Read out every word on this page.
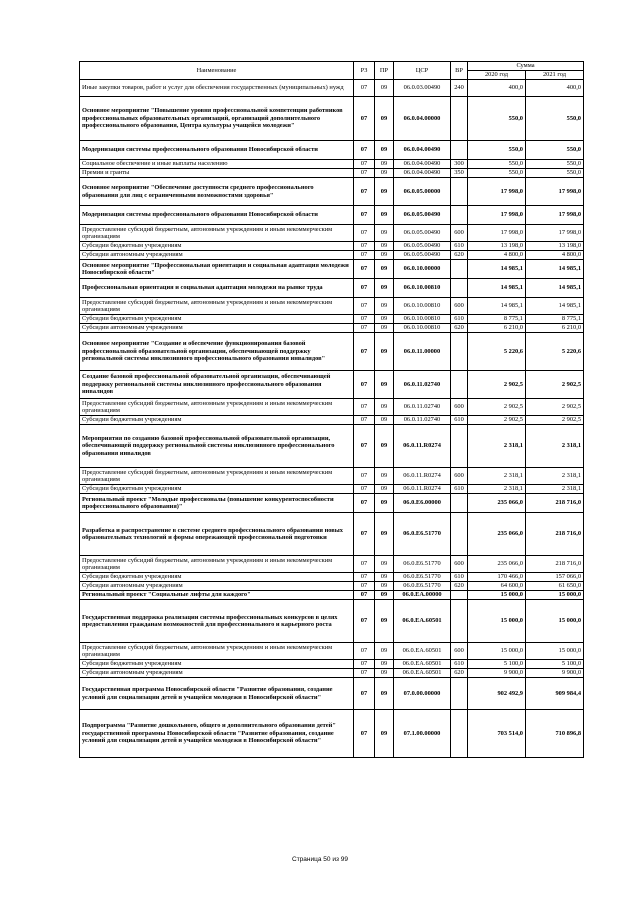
Наименование	РЗ	ПР	ЦСР	ВР	Сумма	
					2020 год	2021 год
Иные закупки товаров, работ и услуг для обеспечения государственных (муниципальных) нужд	07	09	06.0.03.00490	240	400,0	400,0
Основное мероприятие "Повышение уровня профессиональной компетенции работников профессиональных образовательных организаций, организаций дополнительного профессионального образования, Центра культуры учащейся молодежи"	07	09	06.0.04.00000		550,0	550,0
Модернизация системы профессионального образования Новосибирской области	07	09	06.0.04.00490		550,0	550,0
Социальное обеспечение и иные выплаты населению	07	09	06.0.04.00490	300	550,0	550,0
Премии и гранты	07	09	06.0.04.00490	350	550,0	550,0
Основное мероприятие "Обеспечение доступности среднего профессионального образования для лиц с ограниченными возможностями здоровья"	07	09	06.0.05.00000		17 998,0	17 998,0
Модернизация системы профессионального образования Новосибирской области	07	09	06.0.05.00490		17 998,0	17 998,0
Предоставление субсидий бюджетным, автономным учреждениям и иным некоммерческим организациям	07	09	06.0.05.00490	600	17 998,0	17 998,0
Субсидии бюджетным учреждениям	07	09	06.0.05.00490	610	13 198,0	13 198,0
Субсидии автономным учреждениям	07	09	06.0.05.00490	620	4 800,0	4 800,0
Основное мероприятие "Профессиональная ориентация и социальная адаптация молодежи Новосибирской области"	07	09	06.0.10.00000		14 985,1	14 985,1
Профессиональная ориентация и социальная адаптация молодежи на рынке труда	07	09	06.0.10.00810		14 985,1	14 985,1
Предоставление субсидий бюджетным, автономным учреждениям и иным некоммерческим организациям	07	09	06.0.10.00810	600	14 985,1	14 985,1
Субсидии бюджетным учреждениям	07	09	06.0.10.00810	610	8 775,1	8 775,1
Субсидии автономным учреждениям	07	09	06.0.10.00810	620	6 210,0	6 210,0
Основное мероприятие "Создание и обеспечение функционирования базовой профессиональной образовательной организации, обеспечивающей поддержку региональной системы инклюзивного профессионального образования инвалидов"	07	09	06.0.11.00000		5 220,6	5 220,6
Создание базовой профессиональной образовательной организации, обеспечивающей поддержку региональной системы инклюзивного профессионального образования инвалидов	07	09	06.0.11.02740		2 902,5	2 902,5
Предоставление субсидий бюджетным, автономным учреждениям и иным некоммерческим организациям	07	09	06.0.11.02740	600	2 902,5	2 902,5
Субсидии бюджетным учреждениям	07	09	06.0.11.02740	610	2 902,5	2 902,5
Мероприятия по созданию базовой профессиональной образовательной организации, обеспечивающей поддержку региональной системы инклюзивного профессионального образования инвалидов	07	09	06.0.11.R0274		2 318,1	2 318,1
Предоставление субсидий бюджетным, автономным учреждениям и иным некоммерческим организациям	07	09	06.0.11.R0274	600	2 318,1	2 318,1
Субсидии бюджетным учреждениям	07	09	06.0.11.R0274	610	2 318,1	2 318,1
Региональный проект "Молодые профессионалы (повышение конкурентоспособности профессионального образования)"	07	09	06.0.E6.00000		235 066,0	218 716,0
Разработка и распространение в системе среднего профессионального образования новых образовательных технологий и формы опережающей профессиональной подготовки	07	09	06.0.E6.51770		235 066,0	218 716,0
Предоставление субсидий бюджетным, автономным учреждениям и иным некоммерческим организациям	07	09	06.0.E6.51770	600	235 066,0	218 716,0
Субсидии бюджетным учреждениям	07	09	06.0.E6.51770	610	170 466,0	157 066,0
Субсидии автономным учреждениям	07	09	06.0.E6.51770	620	64 600,0	61 650,0
Региональный проект "Социальные лифты для каждого"	07	09	06.0.EA.00000		15 000,0	15 000,0
Государственная поддержка реализации системы профессиональных конкурсов в целях предоставления гражданам возможностей для профессионального и карьерного роста	07	09	06.0.EA.60501		15 000,0	15 000,0
Предоставление субсидий бюджетным, автономным учреждениям и иным некоммерческим организациям	07	09	06.0.EA.60501	600	15 000,0	15 000,0
Субсидии бюджетным учреждениям	07	09	06.0.EA.60501	610	5 100,0	5 100,0
Субсидии автономным учреждениям	07	09	06.0.EA.60501	620	9 900,0	9 900,0
Государственная программа Новосибирской области "Развитие образования, создание условий для социализации детей и учащейся молодежи в Новосибирской области"	07	09	07.0.00.00000		902 492,9	909 984,4
Подпрограмма "Развитие дошкольного, общего и дополнительного образования детей" государственной программы Новосибирской области "Развитие образования, создание условий для социализации детей и учащейся молодежи в Новосибирской области"	07	09	07.1.00.00000		703 514,0	710 896,8
Страница 50 из 99
